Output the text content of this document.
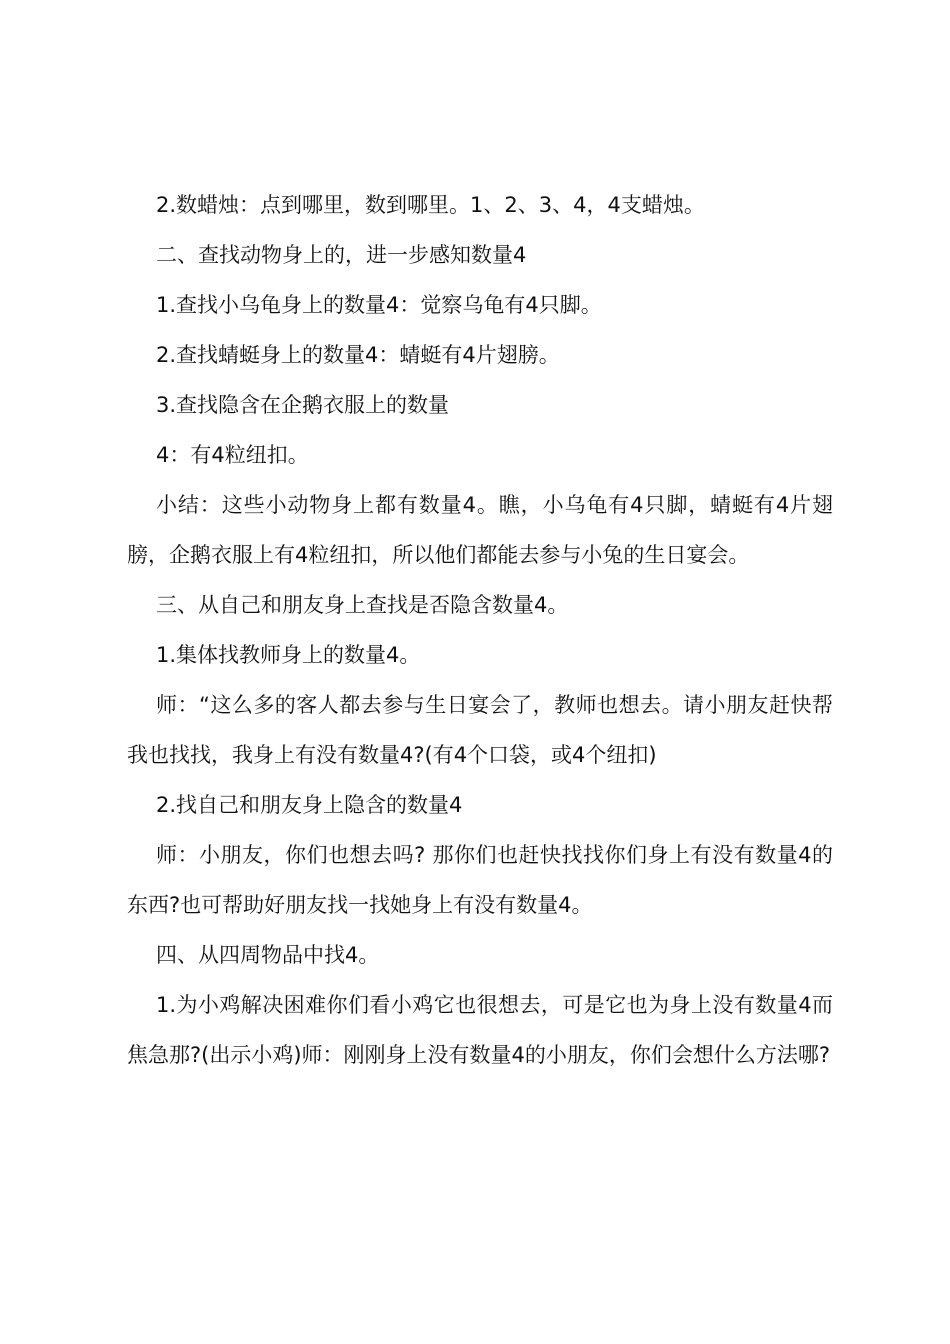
2.数蜡烛：点到哪里，数到哪里。1、2、3、4，4支蜡烛。

二、查找动物身上的，进一步感知数量4

1.查找小乌龟身上的数量4：觉察乌龟有4只脚。

2.查找蜻蜓身上的数量4：蜻蜓有4片翅膀。

3.查找隐含在企鹅衣服上的数量

4：有4粒纽扣。

小结：这些小动物身上都有数量4。瞧，小乌龟有4只脚，蜻蜓有4片翅膀，企鹅衣服上有4粒纽扣，所以他们都能去参与小兔的生日宴会。

三、从自己和朋友身上查找是否隐含数量4。

1.集体找教师身上的数量4。

师：“这么多的客人都去参与生日宴会了，教师也想去。请小朋友赶快帮我也找找，我身上有没有数量4?(有4个口袋，或4个纽扣)

2.找自己和朋友身上隐含的数量4

师：小朋友，你们也想去吗? 那你们也赶快找找你们身上有没有数量4的东西?也可帮助好朋友找一找她身上有没有数量4。

四、从四周物品中找4。

1.为小鸡解决困难你们看小鸡它也很想去，可是它也为身上没有数量4而焦急那?(出示小鸡)师：刚刚身上没有数量4的小朋友，你们会想什么方法哪?
